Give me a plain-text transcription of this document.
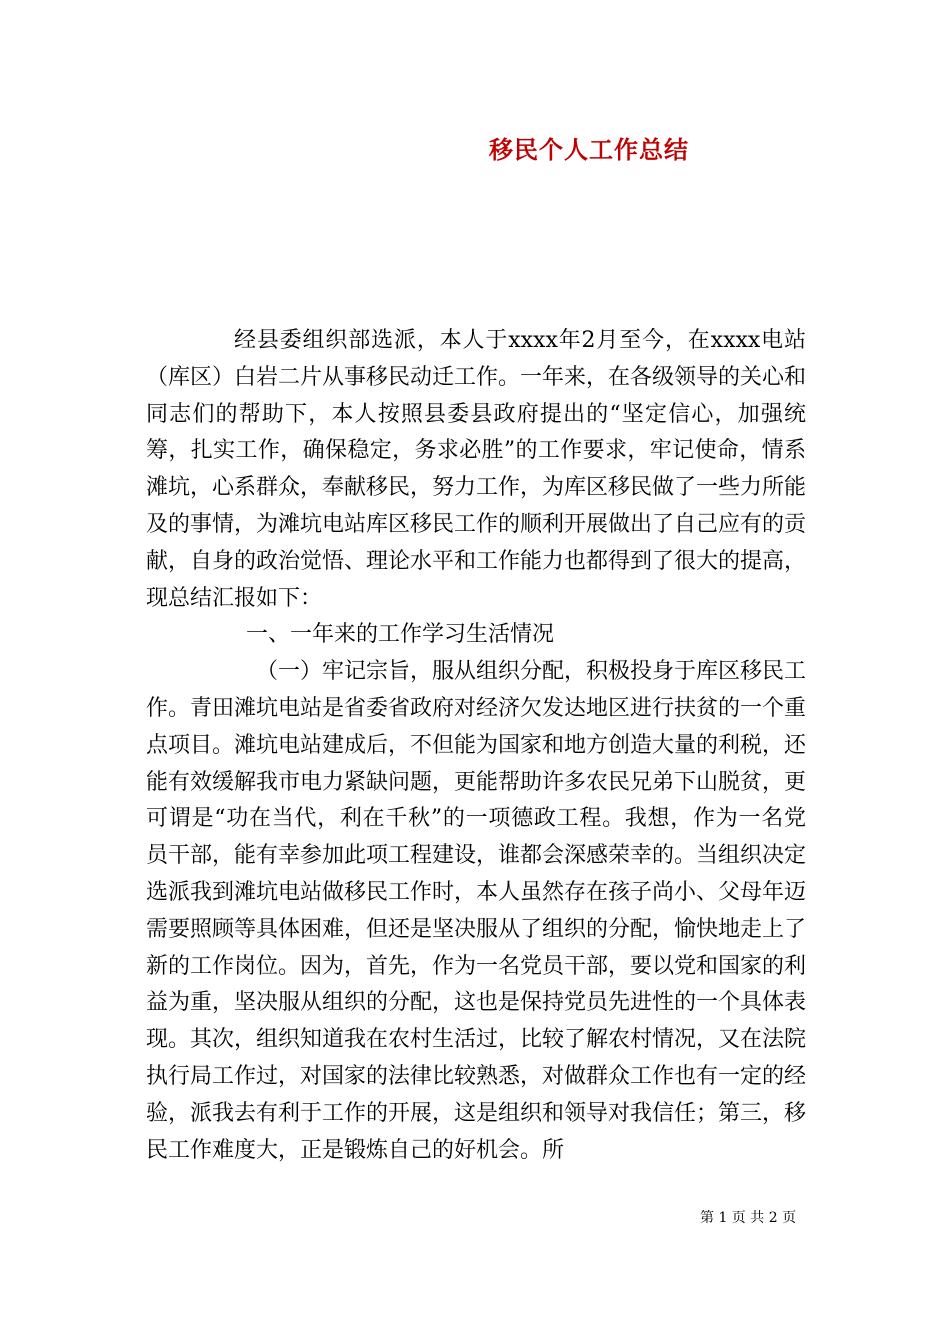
移民个人工作总结

经县委组织部选派，本人于xxxx年2月至今，在xxxx电站（库区）白岩二片从事移民动迁工作。一年来，在各级领导的关心和同志们的帮助下，本人按照县委县政府提出的“坚定信心，加强统筹，扎实工作，确保稳定，务求必胜”的工作要求，牢记使命，情系滩坑，心系群众，奉献移民，努力工作，为库区移民做了一些力所能及的事情，为滩坑电站库区移民工作的顺利开展做出了自己应有的贡献，自身的政治觉悟、理论水平和工作能力也都得到了很大的提高，现总结汇报如下：

一、一年来的工作学习生活情况

（一）牢记宗旨，服从组织分配，积极投身于库区移民工作。青田滩坑电站是省委省政府对经济欠发达地区进行扶贫的一个重点项目。滩坑电站建成后，不但能为国家和地方创造大量的利税，还能有效缓解我市电力紧缺问题，更能帮助许多农民兄弟下山脱贫，更可谓是“功在当代，利在千秋”的一项德政工程。我想，作为一名党员干部，能有幸参加此项工程建设，谁都会深感荣幸的。当组织决定选派我到滩坑电站做移民工作时，本人虽然存在孩子尚小、父母年迈需要照顾等具体困难，但还是坚决服从了组织的分配，愉快地走上了新的工作岗位。因为，首先，作为一名党员干部，要以党和国家的利益为重，坚决服从组织的分配，这也是保持党员先进性的一个具体表现。其次，组织知道我在农村生活过，比较了解农村情况，又在法院执行局工作过，对国家的法律比较熟悉，对做群众工作也有一定的经验，派我去有利于工作的开展，这是组织和领导对我信任；第三，移民工作难度大，正是锻炼自己的好机会。所

第 1 页 共 2 页
